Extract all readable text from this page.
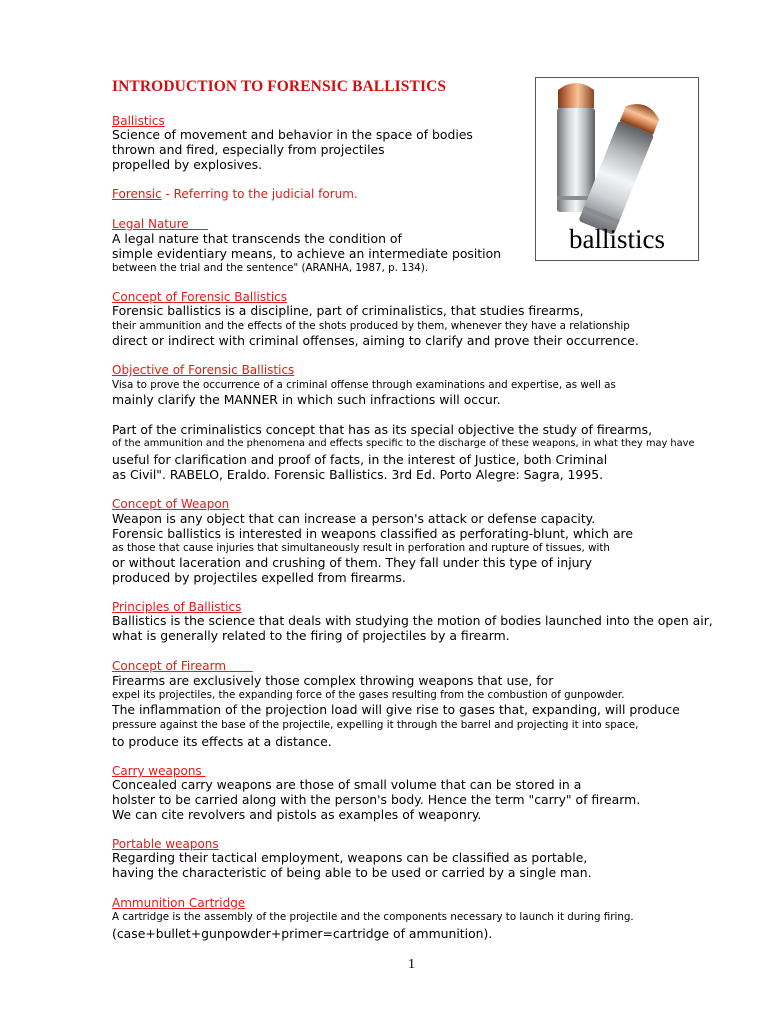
INTRODUCTION TO FORENSIC BALLISTICS
ballistics
Ballistics
Science of movement and behavior in the space of bodies
thrown and fired, especially from projectiles
propelled by explosives.
Forensic - Referring to the judicial forum.
Legal Nature
A legal nature that transcends the condition of
simple evidentiary means, to achieve an intermediate position
between the trial and the sentence" (ARANHA, 1987, p. 134).
Concept of Forensic Ballistics
Forensic ballistics is a discipline, part of criminalistics, that studies firearms,
their ammunition and the effects of the shots produced by them, whenever they have a relationship
direct or indirect with criminal offenses, aiming to clarify and prove their occurrence.
Objective of Forensic Ballistics
Visa to prove the occurrence of a criminal offense through examinations and expertise, as well as
mainly clarify the MANNER in which such infractions will occur.
Part of the criminalistics concept that has as its special objective the study of firearms,
of the ammunition and the phenomena and effects specific to the discharge of these weapons, in what they may have
useful for clarification and proof of facts, in the interest of Justice, both Criminal
as Civil". RABELO, Eraldo. Forensic Ballistics. 3rd Ed. Porto Alegre: Sagra, 1995.
Concept of Weapon
Weapon is any object that can increase a person's attack or defense capacity.
Forensic ballistics is interested in weapons classified as perforating-blunt, which are
as those that cause injuries that simultaneously result in perforation and rupture of tissues, with
or without laceration and crushing of them. They fall under this type of injury
produced by projectiles expelled from firearms.
Principles of Ballistics
Ballistics is the science that deals with studying the motion of bodies launched into the open air,
what is generally related to the firing of projectiles by a firearm.
Concept of Firearm
Firearms are exclusively those complex throwing weapons that use, for
expel its projectiles, the expanding force of the gases resulting from the combustion of gunpowder.
The inflammation of the projection load will give rise to gases that, expanding, will produce
pressure against the base of the projectile, expelling it through the barrel and projecting it into space,
to produce its effects at a distance.
Carry weapons
Concealed carry weapons are those of small volume that can be stored in a
holster to be carried along with the person's body. Hence the term "carry" of firearm.
We can cite revolvers and pistols as examples of weaponry.
Portable weapons
Regarding their tactical employment, weapons can be classified as portable,
having the characteristic of being able to be used or carried by a single man.
Ammunition Cartridge
A cartridge is the assembly of the projectile and the components necessary to launch it during firing.
(case+bullet+gunpowder+primer=cartridge of ammunition).
1
